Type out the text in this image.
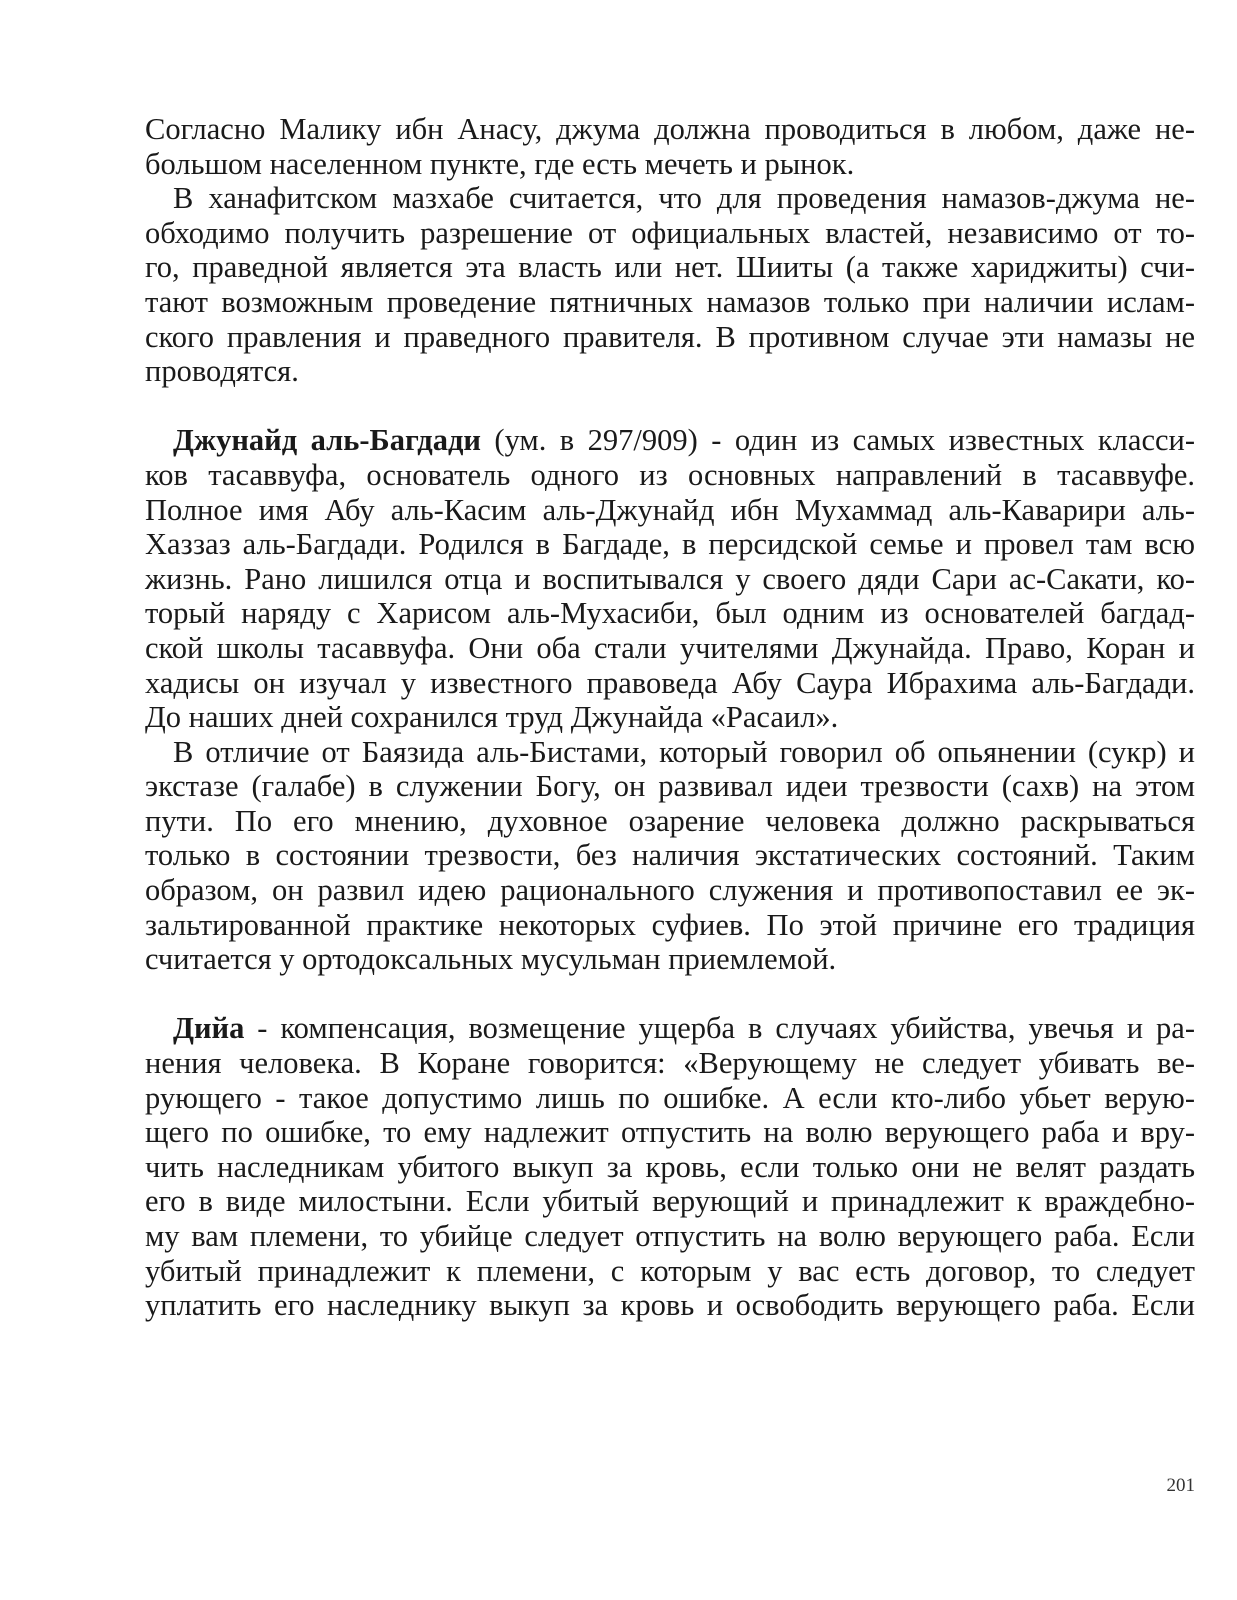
Согласно Малику ибн Анасу, джума должна проводиться в любом, даже не-
большом населенном пункте, где есть мечеть и рынок.
В ханафитском мазхабе считается, что для проведения намазов-джума не-
обходимо получить разрешение от официальных властей, независимо от то-
го, праведной является эта власть или нет. Шииты (а также хариджиты) счи-
тают возможным проведение пятничных намазов только при наличии ислам-
ского правления и праведного правителя. В противном случае эти намазы не
проводятся.
Джунайд аль-Багдади (ум. в 297/909) - один из самых известных класси-
ков тасаввуфа, основатель одного из основных направлений в тасаввуфе.
Полное имя Абу аль-Касим аль-Джунайд ибн Мухаммад аль-Каварири аль-
Хаззаз аль-Багдади. Родился в Багдаде, в персидской семье и провел там всю
жизнь. Рано лишился отца и воспитывался у своего дяди Сари ас-Сакати, ко-
торый наряду с Харисом аль-Мухасиби, был одним из основателей багдад-
ской школы тасаввуфа. Они оба стали учителями Джунайда. Право, Коран и
хадисы он изучал у известного правоведа Абу Саура Ибрахима аль-Багдади.
До наших дней сохранился труд Джунайда «Расаил».
В отличие от Баязида аль-Бистами, который говорил об опьянении (сукр) и
экстазе (галабе) в служении Богу, он развивал идеи трезвости (сахв) на этом
пути. По его мнению, духовное озарение человека должно раскрываться
только в состоянии трезвости, без наличия экстатических состояний. Таким
образом, он развил идею рационального служения и противопоставил ее эк-
зальтированной практике некоторых суфиев. По этой причине его традиция
считается у ортодоксальных мусульман приемлемой.
Дийа - компенсация, возмещение ущерба в случаях убийства, увечья и ра-
нения человека. В Коране говорится: «Верующему не следует убивать ве-
рующего - такое допустимо лишь по ошибке. А если кто-либо убьет верую-
щего по ошибке, то ему надлежит отпустить на волю верующего раба и вру-
чить наследникам убитого выкуп за кровь, если только они не велят раздать
его в виде милостыни. Если убитый верующий и принадлежит к враждебно-
му вам племени, то убийце следует отпустить на волю верующего раба. Если
убитый принадлежит к племени, с которым у вас есть договор, то следует
уплатить его наследнику выкуп за кровь и освободить верующего раба. Если
201
